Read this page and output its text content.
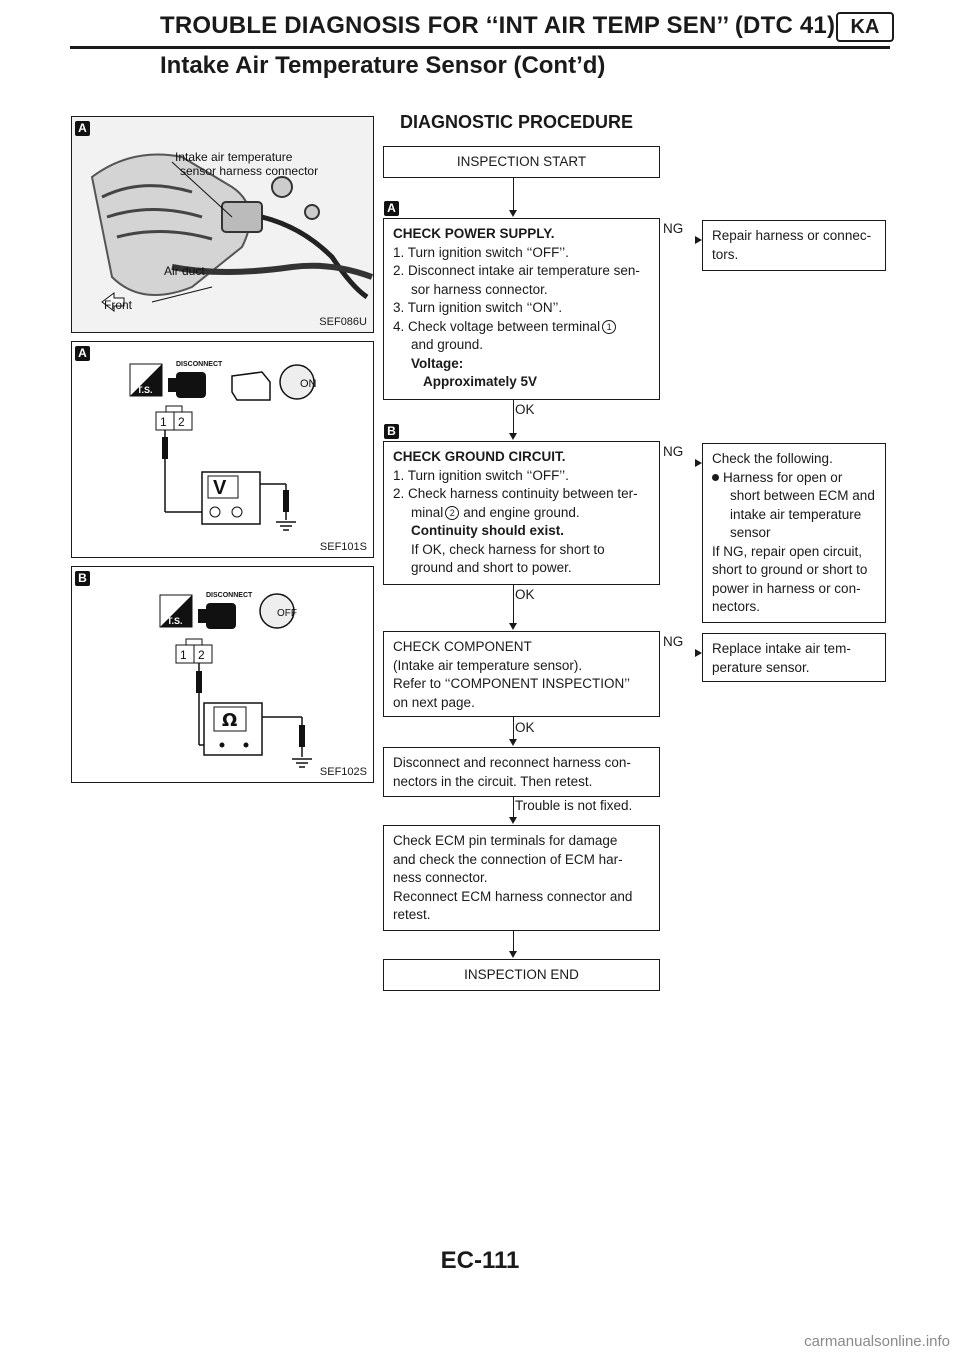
TROUBLE DIAGNOSIS FOR ‘‘INT AIR TEMP SEN’’ (DTC 41) KA
Intake Air Temperature Sensor (Cont’d)
DIAGNOSTIC PROCEDURE
Intake air temperature
sensor harness connector
Air duct
Front
A
SEF086U
T.S.
DISCONNECT
ON
1 2
V
A
SEF101S
T.S.
DISCONNECT
OFF
1 2
Ω
B
SEF102S
INSPECTION START
A
CHECK POWER SUPPLY.
1. Turn ignition switch ‘‘OFF’’.
2. Disconnect intake air temperature sen-
sor harness connector.
3. Turn ignition switch ‘‘ON’’.
4. Check voltage between terminal 1
and ground.
Voltage:
Approximately 5V
NG Repair harness or connec-
tors.
OK
B
CHECK GROUND CIRCUIT.
1. Turn ignition switch ‘‘OFF’’.
2. Check harness continuity between ter-
minal 2 and engine ground.
Continuity should exist.
If OK, check harness for short to
ground and short to power.
NG Check the following.
Harness for open or
short between ECM and
intake air temperature
sensor
If NG, repair open circuit,
short to ground or short to
power in harness or con-
nectors.
OK
CHECK COMPONENT
(Intake air temperature sensor).
Refer to ‘‘COMPONENT INSPECTION’’
on next page.
NG Replace intake air tem-
perature sensor.
OK
Disconnect and reconnect harness con-
nectors in the circuit. Then retest.
Trouble is not fixed.
Check ECM pin terminals for damage
and check the connection of ECM har-
ness connector.
Reconnect ECM harness connector and
retest.
INSPECTION END
EC-111
carmanualsonline.info
